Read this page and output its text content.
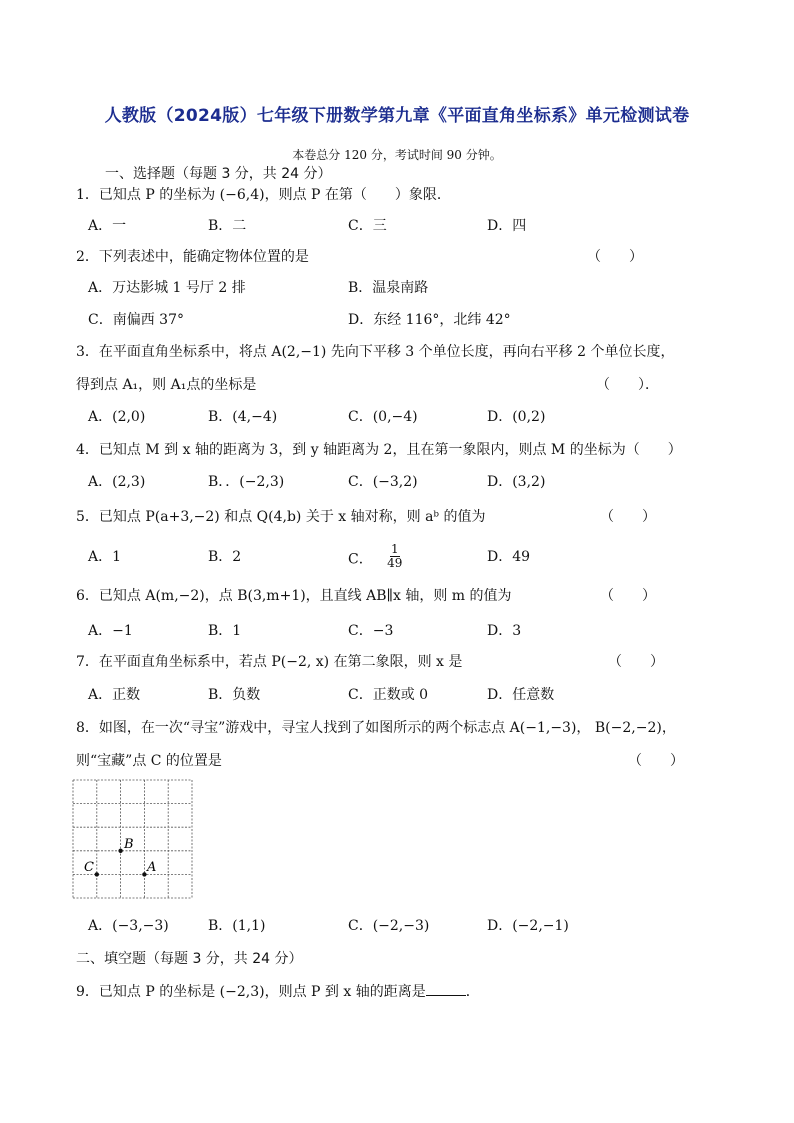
人教版（2024版）七年级下册数学第九章《平面直角坐标系》单元检测试卷
本卷总分 120 分，考试时间 90 分钟。
一、选择题（每题 3 分，共 24 分）
1．已知点 P 的坐标为 (−6,4)，则点 P 在第（　　）象限．
A．一	B．二	C．三	D．四
2．下列表述中，能确定物体位置的是	（　　）
A．万达影城 1 号厅 2 排	B．温泉南路
C．南偏西 37°	D．东经 116°，北纬 42°
3．在平面直角坐标系中，将点 A(2,−1) 先向下平移 3 个单位长度，再向右平移 2 个单位长度，
得到点 A₁，则 A₁点的坐标是	（　　）．
A．(2,0)	B．(4,−4)	C．(0,−4)	D．(0,2)
4．已知点 M 到 x 轴的距离为 3，到 y 轴距离为 2，且在第一象限内，则点 M 的坐标为（　　）
A．(2,3)	B．．(−2,3)	C．(−3,2)	D．(3,2)
5．已知点 P(a+3,−2) 和点 Q(4,b) 关于 x 轴对称，则 aᵇ 的值为	（　　）
A．1	B．2	C． $\frac{1}{49}$	D．49
6．已知点 A(m,−2)，点 B(3,m+1)，且直线 AB∥x 轴，则 m 的值为	（　　）
A．−1	B．1	C．−3	D．3
7．在平面直角坐标系中，若点 P(−2, x) 在第二象限，则 x 是	（　　）
A．正数	B．负数	C．正数或 0	D．任意数
8．如图，在一次“寻宝”游戏中，寻宝人找到了如图所示的两个标志点 A(−1,−3)， B(−2,−2)，
则“宝藏”点 C 的位置是	（　　）
B
C	A
A．(−3,−3)	B．(1,1)	C．(−2,−3)	D．(−2,−1)
二、填空题（每题 3 分，共 24 分）
9．已知点 P 的坐标是 (−2,3)，则点 P 到 x 轴的距离是	．
